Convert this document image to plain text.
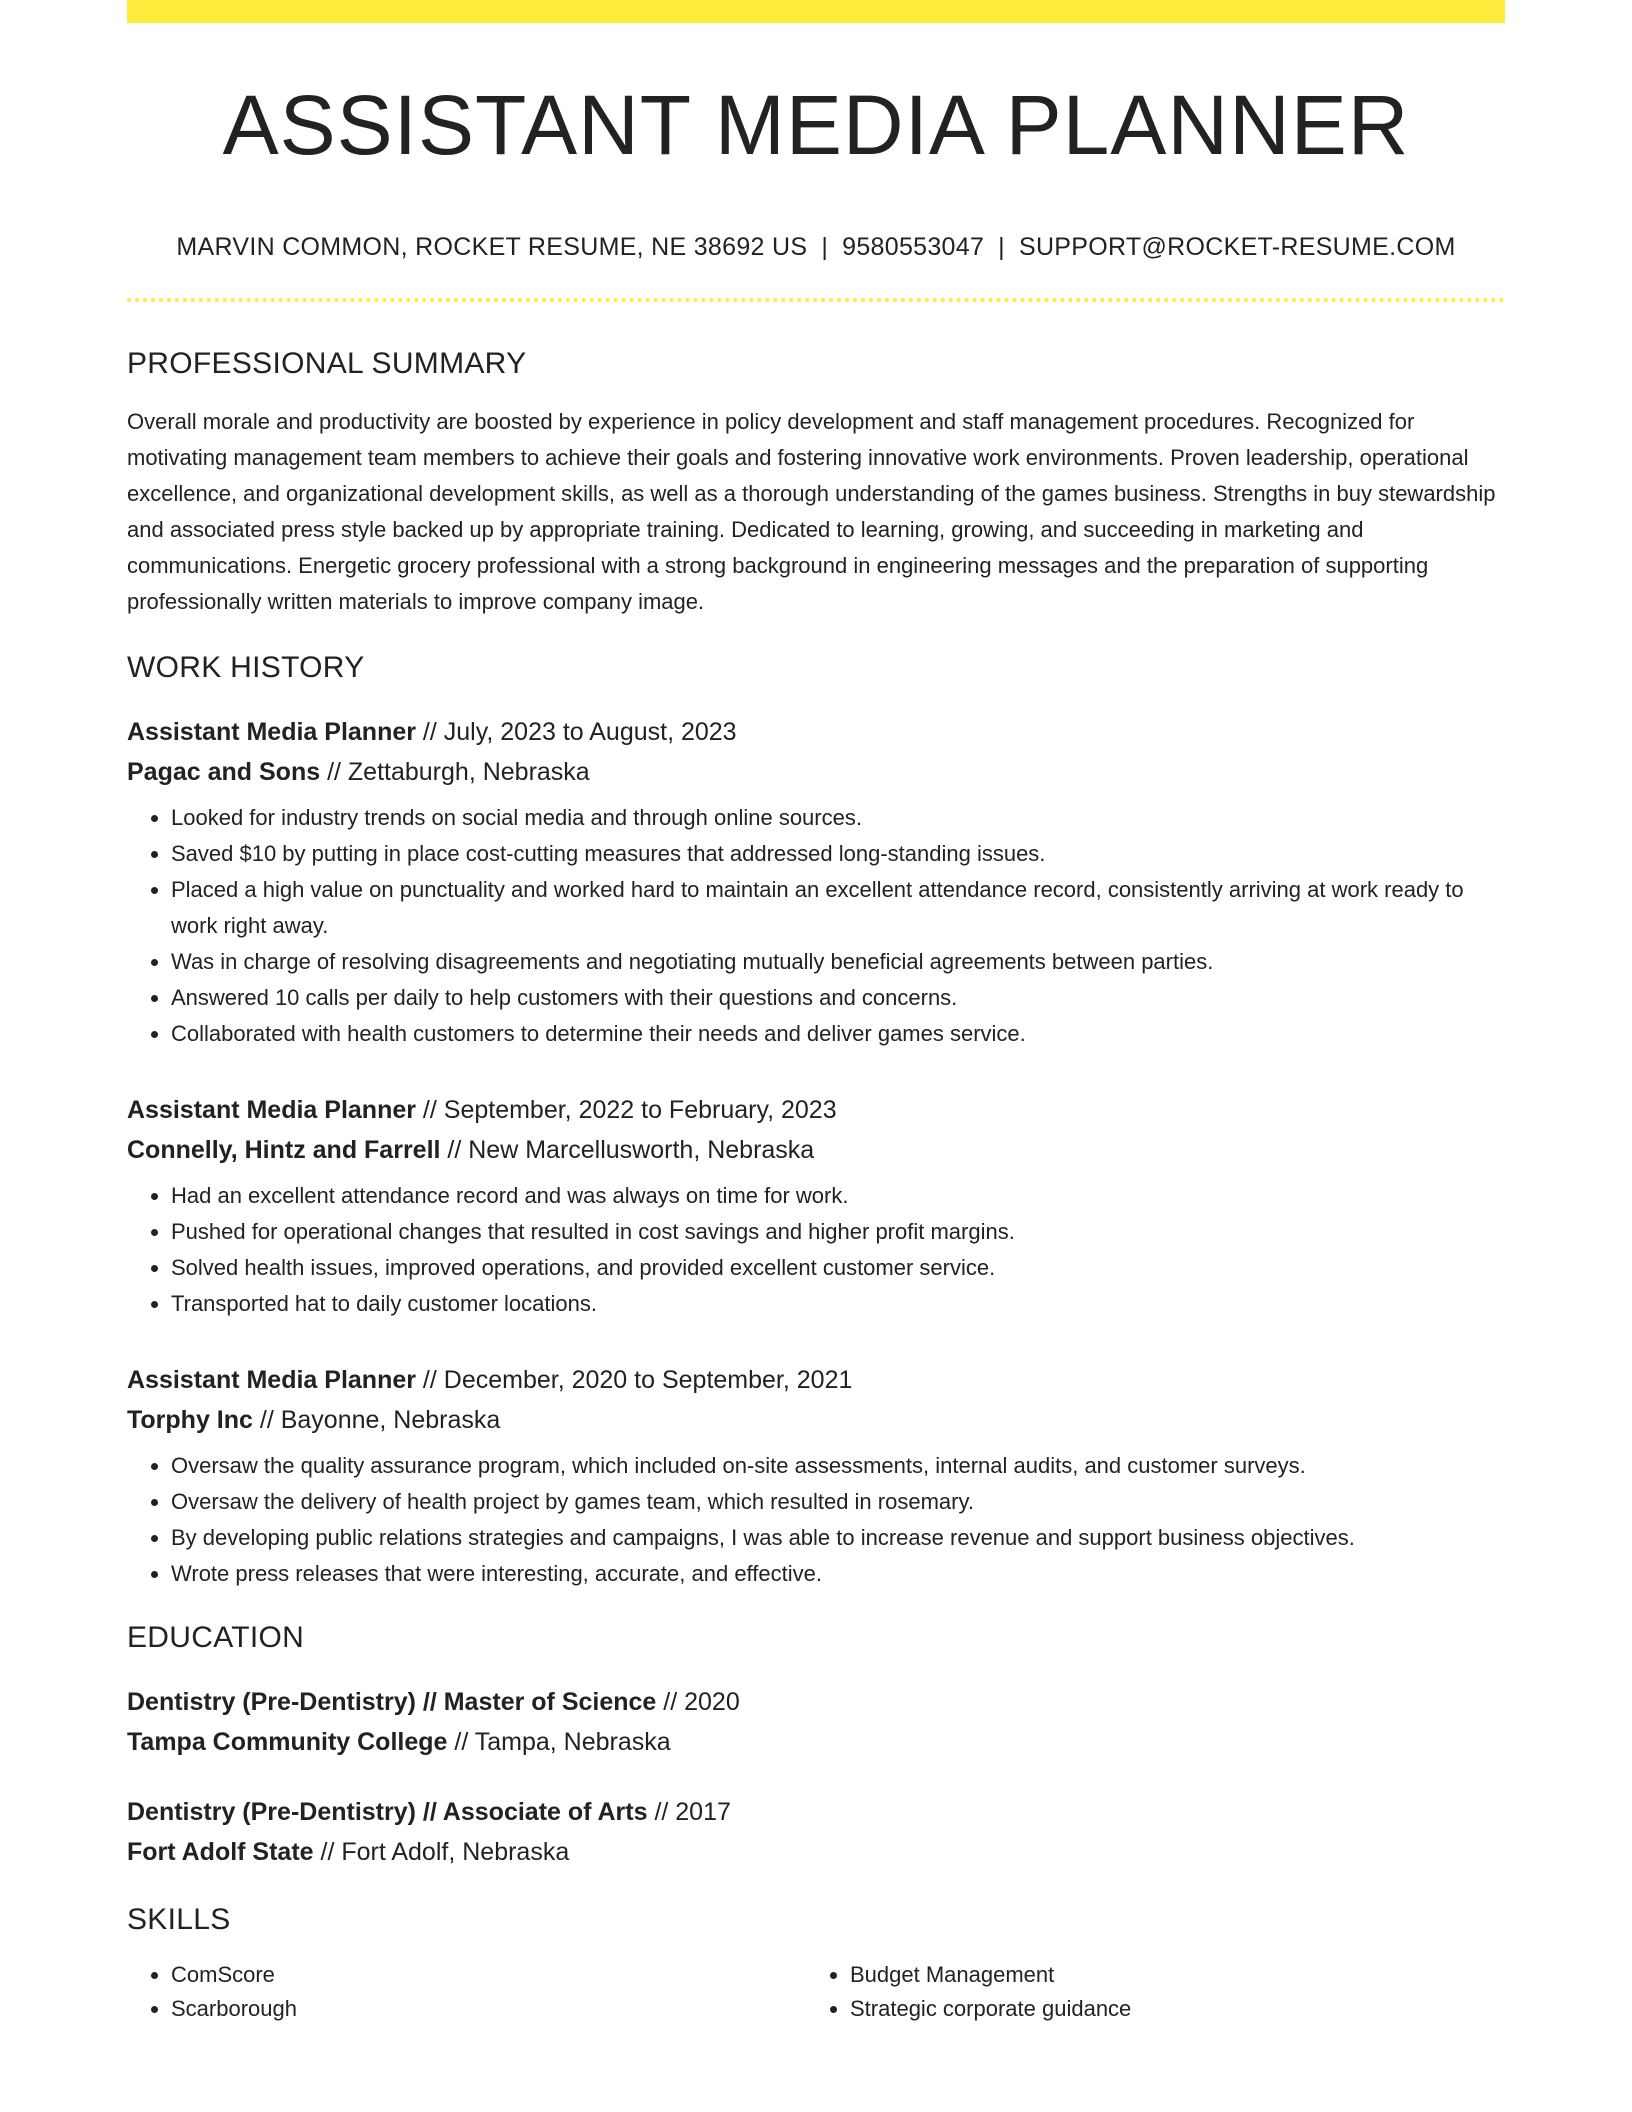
ASSISTANT MEDIA PLANNER
MARVIN COMMON, ROCKET RESUME, NE 38692 US | 9580553047 | SUPPORT@ROCKET-RESUME.COM
PROFESSIONAL SUMMARY

Overall morale and productivity are boosted by experience in policy development and staff management procedures. Recognized for motivating management team members to achieve their goals and fostering innovative work environments. Proven leadership, operational excellence, and organizational development skills, as well as a thorough understanding of the games business. Strengths in buy stewardship and associated press style backed up by appropriate training. Dedicated to learning, growing, and succeeding in marketing and communications. Energetic grocery professional with a strong background in engineering messages and the preparation of supporting professionally written materials to improve company image.

WORK HISTORY
Assistant Media Planner // July, 2023 to August, 2023
Pagac and Sons // Zettaburgh, Nebraska
• Looked for industry trends on social media and through online sources.
• Saved $10 by putting in place cost-cutting measures that addressed long-standing issues.
• Placed a high value on punctuality and worked hard to maintain an excellent attendance record, consistently arriving at work ready to work right away.
• Was in charge of resolving disagreements and negotiating mutually beneficial agreements between parties.
• Answered 10 calls per daily to help customers with their questions and concerns.
• Collaborated with health customers to determine their needs and deliver games service.
Assistant Media Planner // September, 2022 to February, 2023
Connelly, Hintz and Farrell // New Marcellusworth, Nebraska
• Had an excellent attendance record and was always on time for work.
• Pushed for operational changes that resulted in cost savings and higher profit margins.
• Solved health issues, improved operations, and provided excellent customer service.
• Transported hat to daily customer locations.
Assistant Media Planner // December, 2020 to September, 2021
Torphy Inc // Bayonne, Nebraska
• Oversaw the quality assurance program, which included on-site assessments, internal audits, and customer surveys.
• Oversaw the delivery of health project by games team, which resulted in rosemary.
• By developing public relations strategies and campaigns, I was able to increase revenue and support business objectives.
• Wrote press releases that were interesting, accurate, and effective.
EDUCATION
Dentistry (Pre-Dentistry) // Master of Science // 2020
Tampa Community College // Tampa, Nebraska
Dentistry (Pre-Dentistry) // Associate of Arts // 2017
Fort Adolf State // Fort Adolf, Nebraska
SKILLS
• ComScore
• Scarborough
• Budget Management
• Strategic corporate guidance
